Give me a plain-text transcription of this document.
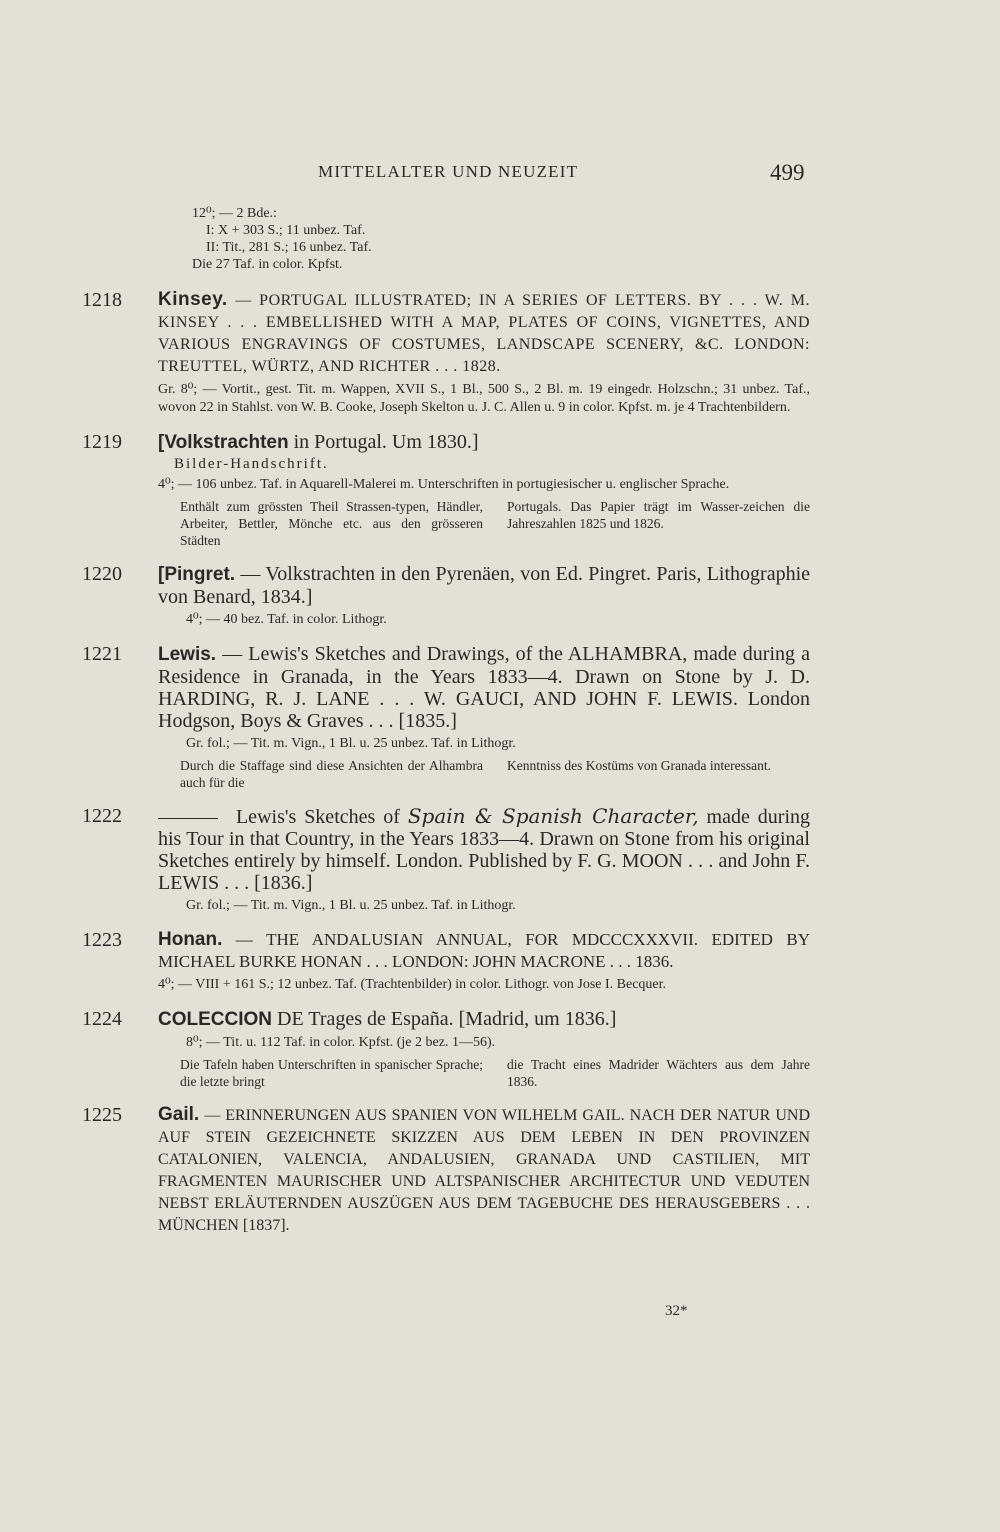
MITTELALTER UND NEUZEIT	499
12⁰; — 2 Bde.:

I: X + 303 S.; 11 unbez. Taf.
II: Tit., 281 S.; 16 unbez. Taf.
Die 27 Taf. in color. Kpfst.
1218	Kinsey. — PORTUGAL ILLUSTRATED; IN A SERIES OF LETTERS. BY . . . W. M. KINSEY . . . EMBELLISHED WITH A MAP, PLATES OF COINS, VIGNETTES, AND VARIOUS ENGRAVINGS OF COSTUMES, LANDSCAPE SCENERY, &C. LONDON: TREUTTEL, WÜRTZ, AND RICHTER . . . 1828.
Gr. 8⁰; — Vortit., gest. Tit. m. Wappen, XVII S., 1 Bl., 500 S., 2 Bl. m. 19 eingedr. Holzschn.; 31 unbez. Taf., wovon 22 in Stahlst. von W. B. Cooke, Joseph Skelton u. J. C. Allen u. 9 in color. Kpfst. m. je 4 Trachtenbildern.
1219	[Volkstrachten in Portugal. Um 1830.]
Bilder-Handschrift.
4⁰; — 106 unbez. Taf. in Aquarell-Malerei m. Unterschriften in portugiesischer u. englischer Sprache.
Enthält zum grössten Theil Strassen-typen, Händler, Arbeiter, Bettler, Mönche etc. aus den grösseren Städten
Portugals. Das Papier trägt im Wasser-zeichen die Jahreszahlen 1825 und 1826.
1220	[Pingret. — Volkstrachten in den Pyrenäen, von Ed. Pingret. Paris, Lithographie von Benard, 1834.]
4⁰; — 40 bez. Taf. in color. Lithogr.
1221	Lewis. — Lewis's Sketches and Drawings, of the ALHAMBRA, made during a Residence in Granada, in the Years 1833—4. Drawn on Stone by J. D. HARDING, R. J. LANE . . . W. GAUCI, AND JOHN F. LEWIS. London Hodgson, Boys & Graves . . . [1835.]
Gr. fol.; — Tit. m. Vign., 1 Bl. u. 25 unbez. Taf. in Lithogr.
Durch die Staffage sind diese Ansichten der Alhambra auch für die
Kenntniss des Kostüms von Granada interessant.
1222	Lewis's Sketches of Spain & Spanish Character, made during his Tour in that Country, in the Years 1833—4. Drawn on Stone from his original Sketches entirely by himself. London. Published by F. G. MOON . . . and John F. LEWIS . . . [1836.]
Gr. fol.; — Tit. m. Vign., 1 Bl. u. 25 unbez. Taf. in Lithogr.
1223	Honan. — THE ANDALUSIAN ANNUAL, FOR MDCCCXXXVII. EDITED BY MICHAEL BURKE HONAN . . . LONDON: JOHN MACRONE . . . 1836.
4⁰; — VIII + 161 S.; 12 unbez. Taf. (Trachtenbilder) in color. Lithogr. von Jose I. Becquer.
1224	COLECCION DE Trages de España. [Madrid, um 1836.]
8⁰; — Tit. u. 112 Taf. in color. Kpfst. (je 2 bez. 1—56).
Die Tafeln haben Unterschriften in spanischer Sprache; die letzte bringt
die Tracht eines Madrider Wächters aus dem Jahre 1836.
1225	Gail. — ERINNERUNGEN AUS SPANIEN VON WILHELM GAIL. NACH DER NATUR UND AUF STEIN GEZEICHNETE SKIZZEN AUS DEM LEBEN IN DEN PROVINZEN CATALONIEN, VALENCIA, ANDALUSIEN, GRANADA UND CASTILIEN, MIT FRAGMENTEN MAURISCHER UND ALTSPANISCHER ARCHITECTUR UND VEDUTEN NEBST ERLÄUTERNDEN AUSZÜGEN AUS DEM TAGEBUCHE DES HERAUSGEBERS . . . MÜNCHEN [1837].
32*
